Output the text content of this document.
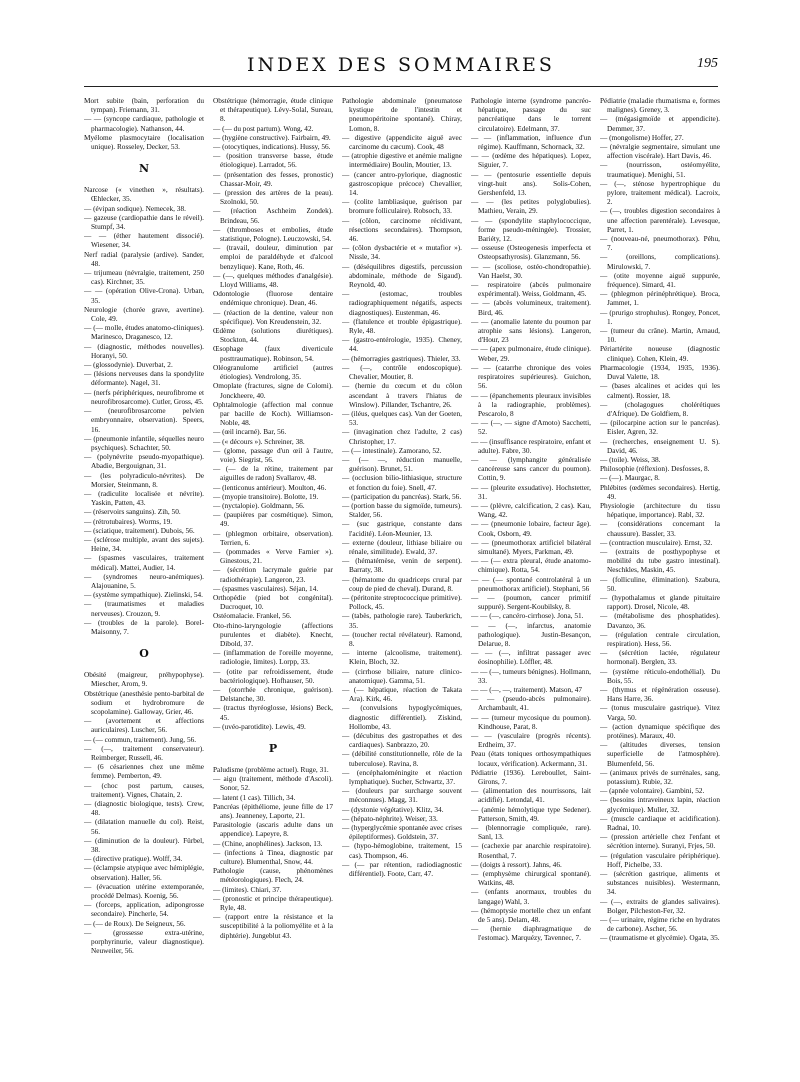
INDEX DES SOMMAIRES	195
Mort subite (bain, perforation du tympan). Friemann, 31.
— — (syncope cardiaque, pathologie et pharmacologie). Nathanson, 44.
Myélome plasmocytaire (localisation unique). Rosseley, Decker, 53.
N
Narcose (« vinethen », résultats). Œhlecker, 35.
— (évipan sodique). Nemecek, 38.
— gazeuse (cardiopathie dans le réveil). Stumpf, 34.
— — (éther hautement dissocié). Wiesener, 34.
Nerf radial (paralysie (ardive). Sander, 48.
— trijumeau (névralgie, traitement, 250 cas). Kirchner, 35.
— — (opération Olive-Crona). Urban, 35.
Neurologie (chorée grave, avertine). Cole, 49.
— (— molle, études anatomo-cliniques). Marinesco, Draganesco, 12.
— (diagnostic, méthodes nouvelles). Horanyi, 50.
— (glossodynie). Duverbat, 2.
— (lésions nerveuses dans la spondylite déformante). Nagel, 31.
— (nerfs périphériques, neurofibrome et neurofibrosarcome). Cutler, Gross, 45.
— (neurofibrosarcome pelvien embryonnaire, observation). Speers, 16.
— (pneumonie infantile, séquelles neuro psychiques). Schachter, 50.
— (polynévrite pseudo-myopathique). Abadie, Bergouignan, 31.
— (les polyradiculo-névrites). De Morsier, Steinmann, 8.
— (radiculite localisée et névrite). Yaskin, Patten, 43.
— (réservoirs sanguins). Zih, 50.
— (rétrotubaires). Worms, 19.
— (sciatique, traitement). Dubois, 56.
— (sclérose multiple, avant des sujets). Heine, 34.
— (spasmes vasculaires, traitement médical). Mattei, Audier, 14.
— (syndromes neuro-anémiques). Alajouanine, 5.
— (système sympathique). Zielinski, 54.
— (traumatismes et maladies nerveuses). Crouzon, 9.
— (troubles de la parole). Borel-Maisonny, 7.
O
Obésité (maigreur, préhypophyse). Miescher, Arom, 9.
Obstétrique (anesthésie pento-barbital de sodium et hydrobromure de scopolamine). Galloway, Grier, 46.
— (avortement et affections auriculaires). Luscher, 56.
— (— commun, traitement). Jung, 56.
— (—, traitement conservateur). Reimberger, Russell, 46.
— (6 césariennes chez une même femme). Pemberton, 49.
— (choc post partum, causes, traitement). Vignes, Chatain, 2.
— (diagnostic biologique, tests). Crew, 48.
— (dilatation manuelle du col). Reist, 56.
— (diminution de la douleur). Fürbel, 38.
— (directive pratique). Wolff, 34.
— (éclampsie atypique avec hémiplégie, observation). Haller, 56.
— (évacuation utérine extemporanée, procédé Delmas). Koenig, 56.
— (forceps, application, adipongrosse secondaire). Pincherle, 54.
— (— de Roux). De Seigneux, 56.
— (grossesse extra-utérine, porphyrinurie, valeur diagnostique). Neuweiler, 56.
Obstétrique (hémorragie, étude clinique et thérapeutique). Lévy-Solal, Sureau, 8.
— (— du post partum). Wong, 42.
— (hygiène constructive). Fairbairn, 49.
— (otocytiques, indications). Hussy, 56.
— (position transverse basse, étude étiologique). Larradot, 56.
— (présentation des fesses, pronostic) Chassar-Moir, 49.
— (pression des artères de la peau). Szolnoki, 50.
— (réaction Aschheim Zondek). Brindeau, 56.
— (thromboses et embolies, étude statistique, Pologne). Leuczowski, 54.
— (travail, douleur, diminution par emploi de paraldéhyde et d'alcool benzylique). Kane, Roth, 46.
— (—, quelques méthodes d'analgésie). Lloyd Williams, 48.
Odontologie (fluorose dentaire endémique chronique). Dean, 46.
— (réaction de la dentine, valeur non spécifique). Von Kreudenstein, 32.
Œdème (solutions diurétiques). Stockton, 44.
Œsophage (faux diverticule posttraumatique). Robinson, 54.
Oléogranulome artificiel (autres étiologies). Vendrolong, 35.
Omoplate (fractures, signe de Colomi). Jonckheere, 40.
Ophtalmologie (affection mal connue par bacille de Koch). Williamson-Noble, 48.
— (œil incarné). Bar, 56.
— (« décours »). Schreiner, 38.
— (glome, passage d'un œil à l'autre, voie). Siegrist, 56.
— (— de la rétine, traitement par aiguilles de radon) Svallarov, 48.
— (lenticonus antérieur). Moulton, 46.
— (myopie transitoire). Bolotte, 19.
— (nyctalopie). Goldmann, 56.
— (paupières par cosmétique). Simon, 49.
— (phlegmon orbitaire, observation). Terrien, 6.
— (pommades « Verve Farnier »). Ginestous, 21.
— (sécrétion lacrymale guérie par radiothérapie). Langeron, 23.
— (spasmes vasculaires). Séjan, 14.
Orthopédie (pied bot congénital). Ducroquet, 10.
Ostéomalacie. Frankel, 56.
Oto-rhino-laryngologie (affections purulentes et diabète). Knecht, Dibold, 37.
— (inflammation de l'oreille moyenne, radiologie, limites). Lorpp, 33.
— (otite par refroidissement, étude bactériologique). Hofhauser, 50.
— (otorrhée chronique, guérison). Delstanche, 30.
— (tractus thyréoglosse, lésions) Beck, 45.
— (uvéo-parotidite). Lewis, 49.
P
Paludisme (problème actuel). Ruge, 31.
— aigu (traitement, méthode d'Ascoli). Sonor, 52.
— latent (1 cas). Tillich, 34.
Pancréas (épithéliome, jeune fille de 17 ans). Jeanneney, Laporte, 21.
Parasitologie (ascaris adulte dans un appendice). Lapeyre, 8.
— (Chine, anophélines). Jackson, 13.
— (infections à Tinea, diagnostic par culture). Blumenthal, Snow, 44.
Pathologie (cause, phénomènes météorologiques). Flech, 24.
— (limites). Chiari, 37.
— (pronostic et principe thérapeutique). Ryle, 48.
— (rapport entre la résistance et la susceptibilité à la poliomyélite et à la diphtérie). Jungeblut 43.
Pathologie abdominale (pneumatose kystique de l'intestin et pneumopéritoine spontané). Chiray, Lomon, 8.
— digestive (appendicite aiguë avec carcinome du cæcum). Cook, 48
— (atrophie digestive et anémie maligne intermédiaire) Boulin, Moutier, 13.
— (cancer antro-pylorique, diagnostic gastroscopique précoce) Chevallier, 14.
— (colite lambliasique, guérison par bromure folliculaire). Robsoch, 33.
— (côlon, carcinome récidivant, résections secondaires). Thompson, 46.
— (côlon dysbactérie et « mutafior »). Nissle, 34.
— (déséquilibres digestifs, percussion abdominale, méthode de Sigaud). Reynold, 40.
— (estomac, troubles radiographiquement négatifs, aspects diagnostiques). Eustenman, 46.
— (flatulence et trouble épigastrique). Ryle, 48.
— (gastro-entérologie, 1935). Cheney, 44.
— (hémorragies gastriques). Thieler, 33.
— (—, contrôle endoscopique). Chevalier, Moutier, 8.
— (hernie du cœcum et du côlon ascendant à travers l'hiatus de Winslow). Pillander, Tschantre, 26.
— (iléus, quelques cas). Van der Goeten, 53.
— (invagination chez l'adulte, 2 cas) Christopher, 17.
— (— intestinale). Zamorano, 52.
— (— —, réduction manuelle, guérison). Brunet, 51.
— (occlusion bilio-lithiasique, structure et fonction du foie). Snell, 47.
— (participation du pancréas). Stark, 56.
— (portion basse du sigmoïde, tumeurs). Stalder, 56.
— (suc gastrique, constante dans l'acidité). Léon-Meunier, 13.
— externe (douleur, lithiase biliaire ou rénale, similitude). Ewald, 37.
— (hématémèse, venin de serpent). Barraty, 38.
— (hématome du quadriceps crural par coup de pied de cheval). Durand, 8.
— (péritonite streptococcique primitive). Pollock, 45.
— (tabès, pathologie rare). Tauberkrich, 35.
— (toucher rectal révélateur). Ramond, 8.
— interne (alcoolisme, traitement). Klein, Bloch, 32.
— (cirrhose biliaire, nature clinico-anatomique). Gamma, 51.
— (— hépatique, réaction de Takata Ara). Kirk, 46.
— (convulsions hypoglycémiques, diagnostic différentiel). Ziskind, Hollombe, 43.
— (décubitus des gastropathes et des cardiaques). Sanbrazzo, 20.
— (débilité constitutionnelle, rôle de la tuberculose). Ravina, 8.
— (encéphaloméningite et réaction lymphatique). Sucher, Schwartz, 37.
— (douleurs par surcharge souvent méconnues). Magg, 31.
— (dystonie végétative). Klitz, 34.
— (hépato-néphrite). Weiser, 33.
— (hyperglycémie spontanée avec crises épileptiformes). Goldstein, 37.
— (hypo-hémoglobine, traitement, 15 cas). Thompson, 46.
— (— par rétention, radiodiagnostic différentiel). Foote, Carr, 47.
Pathologie interne (syndrome pancréo-hépatique, passage du suc pancréatique dans le torrent circulatoire). Edelmann, 37.
— — (inflammation, influence d'un régime). Kauffmann, Schornack, 32.
— — (œdème des hépatiques). Lopez, Siguier, 7.
— — (pentosurie essentielle depuis vingt-huit ans). Solis-Cohen, Gershenfeld, 13.
— — (les petites polyglobulies). Mathieu, Verain, 29.
— — (spondylite staphylococcique, forme pseudo-méningée). Trossier, Bariéty, 12.
— osseuse (Osteogenesis imperfecta et Osteopsathyrosis). Glanzmann, 56.
— — (scoliose, ostéo-chondropathie). Van Haelst, 30.
— respiratoire (abcès pulmonaire expérimental). Weiss, Goldmann, 45.
— — (abcès volumineux, traitement). Bird, 46.
— — (anomalie latente du poumon par atrophie sans lésions). Langeron, d'Hour, 23
— — (apex pulmonaire, étude clinique). Weber, 29.
— — (catarrhe chronique des voies respiratoires supérieures). Guichon, 56.
— — (épanchements pleuraux invisibles à la radiographie, problèmes). Pescarolo, 8
— — (—, — signe d'Amoto) Sacchetti, 52.
— — (insuffisance respiratoire, enfant et adulte). Fabre, 30.
— — (lymphangite généralisée cancéreuse sans cancer du poumon). Cottin, 9.
— — (pleurite exsudative). Hochstetter, 31.
— — (plèvre, calcification, 2 cas). Kau, Wang, 42.
— — (pneumonie lobaire, facteur âge). Cook, Osborn, 49.
— — (pneumothorax artificiel bilatéral simultané). Myers, Parkman, 49.
— — (— extra pleural, étude anatomo-chimique). Rotta, 54.
— — (— spontané controlatéral à un pneumothorax artificiel). Stephani, 56
— — (poumon, cancer primitif suppuré). Sergent-Koubilsky, 8.
— — (—, cancéro-cirrhose). Jona, 51.
— — (—, infarctus, anatomie pathologique). Justin-Besançon, Delarue, 8.
— — (—, infiltrat passager avec éosinophilie). Löffler, 48.
— — (—, tumeurs bénignes). Hollmann, 33.
— — (—, —, traitement). Matson, 47
— — (pseudo-abcès pulmonaire). Archambault, 41.
— — (tumeur mycosique du poumon). Kindhouse, Parat, 8.
— — (vasculaire (progrès récents). Erdheim, 37.
Peau (états toniques orthosympathiques locaux, vérification). Ackermann, 31.
Pédiatrie (1936). Lereboullet, Saint-Girons, 7.
— (alimentation des nourrissons, lait acidifié). Letondal, 41.
— (anémie hémolytique type Sedener). Patterson, Smith, 49.
— (blennorragie compliquée, rare). Sanl, 13.
— (cachexie par anarchie respiratoire). Rosenthal, 7.
— (doigts à ressort). Jahns, 46.
— (emphysème chirurgical spontané). Watkins, 48.
— (enfants anormaux, troubles du langage) Wahl, 3.
— (hémoptysie mortelle chez un enfant de 5 ans). Delam, 48.
— (hernie diaphragmatique de l'estomac). Marquézy, Tavennec, 7.
Pédiatrie (maladie rhumatisma e, formes malignes). Greney, 3.
— (mégasigmoïde et appendicite). Demmer, 37.
— (mongolisme) Hoffer, 27.
— (névralgie segmentaire, simulant une affection viscérale). Hart Davis, 46.
— (nourrisson, ostéomyélite, traumatique). Menighi, 51.
— (—, sténose hypertrophique du pylore, traitement médical). Lacroix, 2.
— (—, troubles digestion secondaires à une affection parentérale). Levesque, Parret, 1.
— (nouveau-né, pneumothorax). Péhu, 7.
— (oreillons, complications). Mirulowski, 7.
— (otite moyenne aiguë suppurée, fréquence). Simard, 41.
— (phlegmon périnéphrétique). Broca, Jammet, 1.
— (prurigo strophulus). Rongey, Poncet, 1.
— (tumeur du crâne). Martin, Arnaud, 10.
Périartérite noueuse (diagnostic clinique). Cohen, Klein, 49.
Pharmacologie (1934, 1935, 1936). Duval Valette, 18.
— (bases alcalines et acides qui les calment). Rossier, 18.
— (cholagogues cholérétiques d'Afrique). De Goldfiem, 8.
— (pilocarpine action sur le pancréas). Eisler, Agren, 32.
— (recherches, enseignement U. S). David, 46.
— (toile). Weiss, 38.
Philosophie (réflexion). Desfosses, 8.
— (—). Maurgac, 8.
Phlébites (œdèmes secondaires). Hertig, 49.
Physiologie (architecture du tissu hépatique, importance). Rabl, 32.
— (considérations concernant la chaussure). Bassler, 33.
— (contraction musculaire). Ernst, 32.
— (extraits de posthypophyse et mobilité du tube gastro intestinal). Neschkles, Maskin, 45.
— (folliculine, élimination). Szabura, 50.
— (hypothalamus et glande pituitaire rapport). Drosel, Nicole, 48.
— (métabolisme des phosphatides). Davanzo, 36.
— (régulation centrale circulation, respiration). Hess, 56.
— (sécrétion lactée, régulateur hormonal). Berglen, 33.
— (système réticulo-endothélial). Du Bois, 55.
— (thymus et régénération osseuse). Hans Harre, 36.
— (tonus musculaire gastrique). Vitez Varga, 50.
— (action dynamique spécifique des protéines). Maraux, 40.
— (altitudes diverses, tension superficielle de l'atmosphère). Blumenfeld, 56.
— (animaux privés de surrénales, sang, potassium). Rubie, 32.
— (apnée volontaire). Gambini, 52.
— (besoins intraveineux lapin, réaction glycémique). Muller, 32.
— (muscle cardiaque et acidification). Radnai, 10.
— (pression artérielle chez l'enfant et sécrétion interne). Suranyi, Frjes, 50.
— (régulation vasculaire périphérique). Hoff, Pichelbe, 33.
— (sécrétion gastrique, aliments et substances nuisibles). Westermann, 34.
— (—, extraits de glandes salivaires). Bolger, Pilcheston-Fer, 32.
— (— urinaire, régime riche en hydrates de carbone). Ascher, 56.
— (traumatisme et glycémie). Ogata, 35.
